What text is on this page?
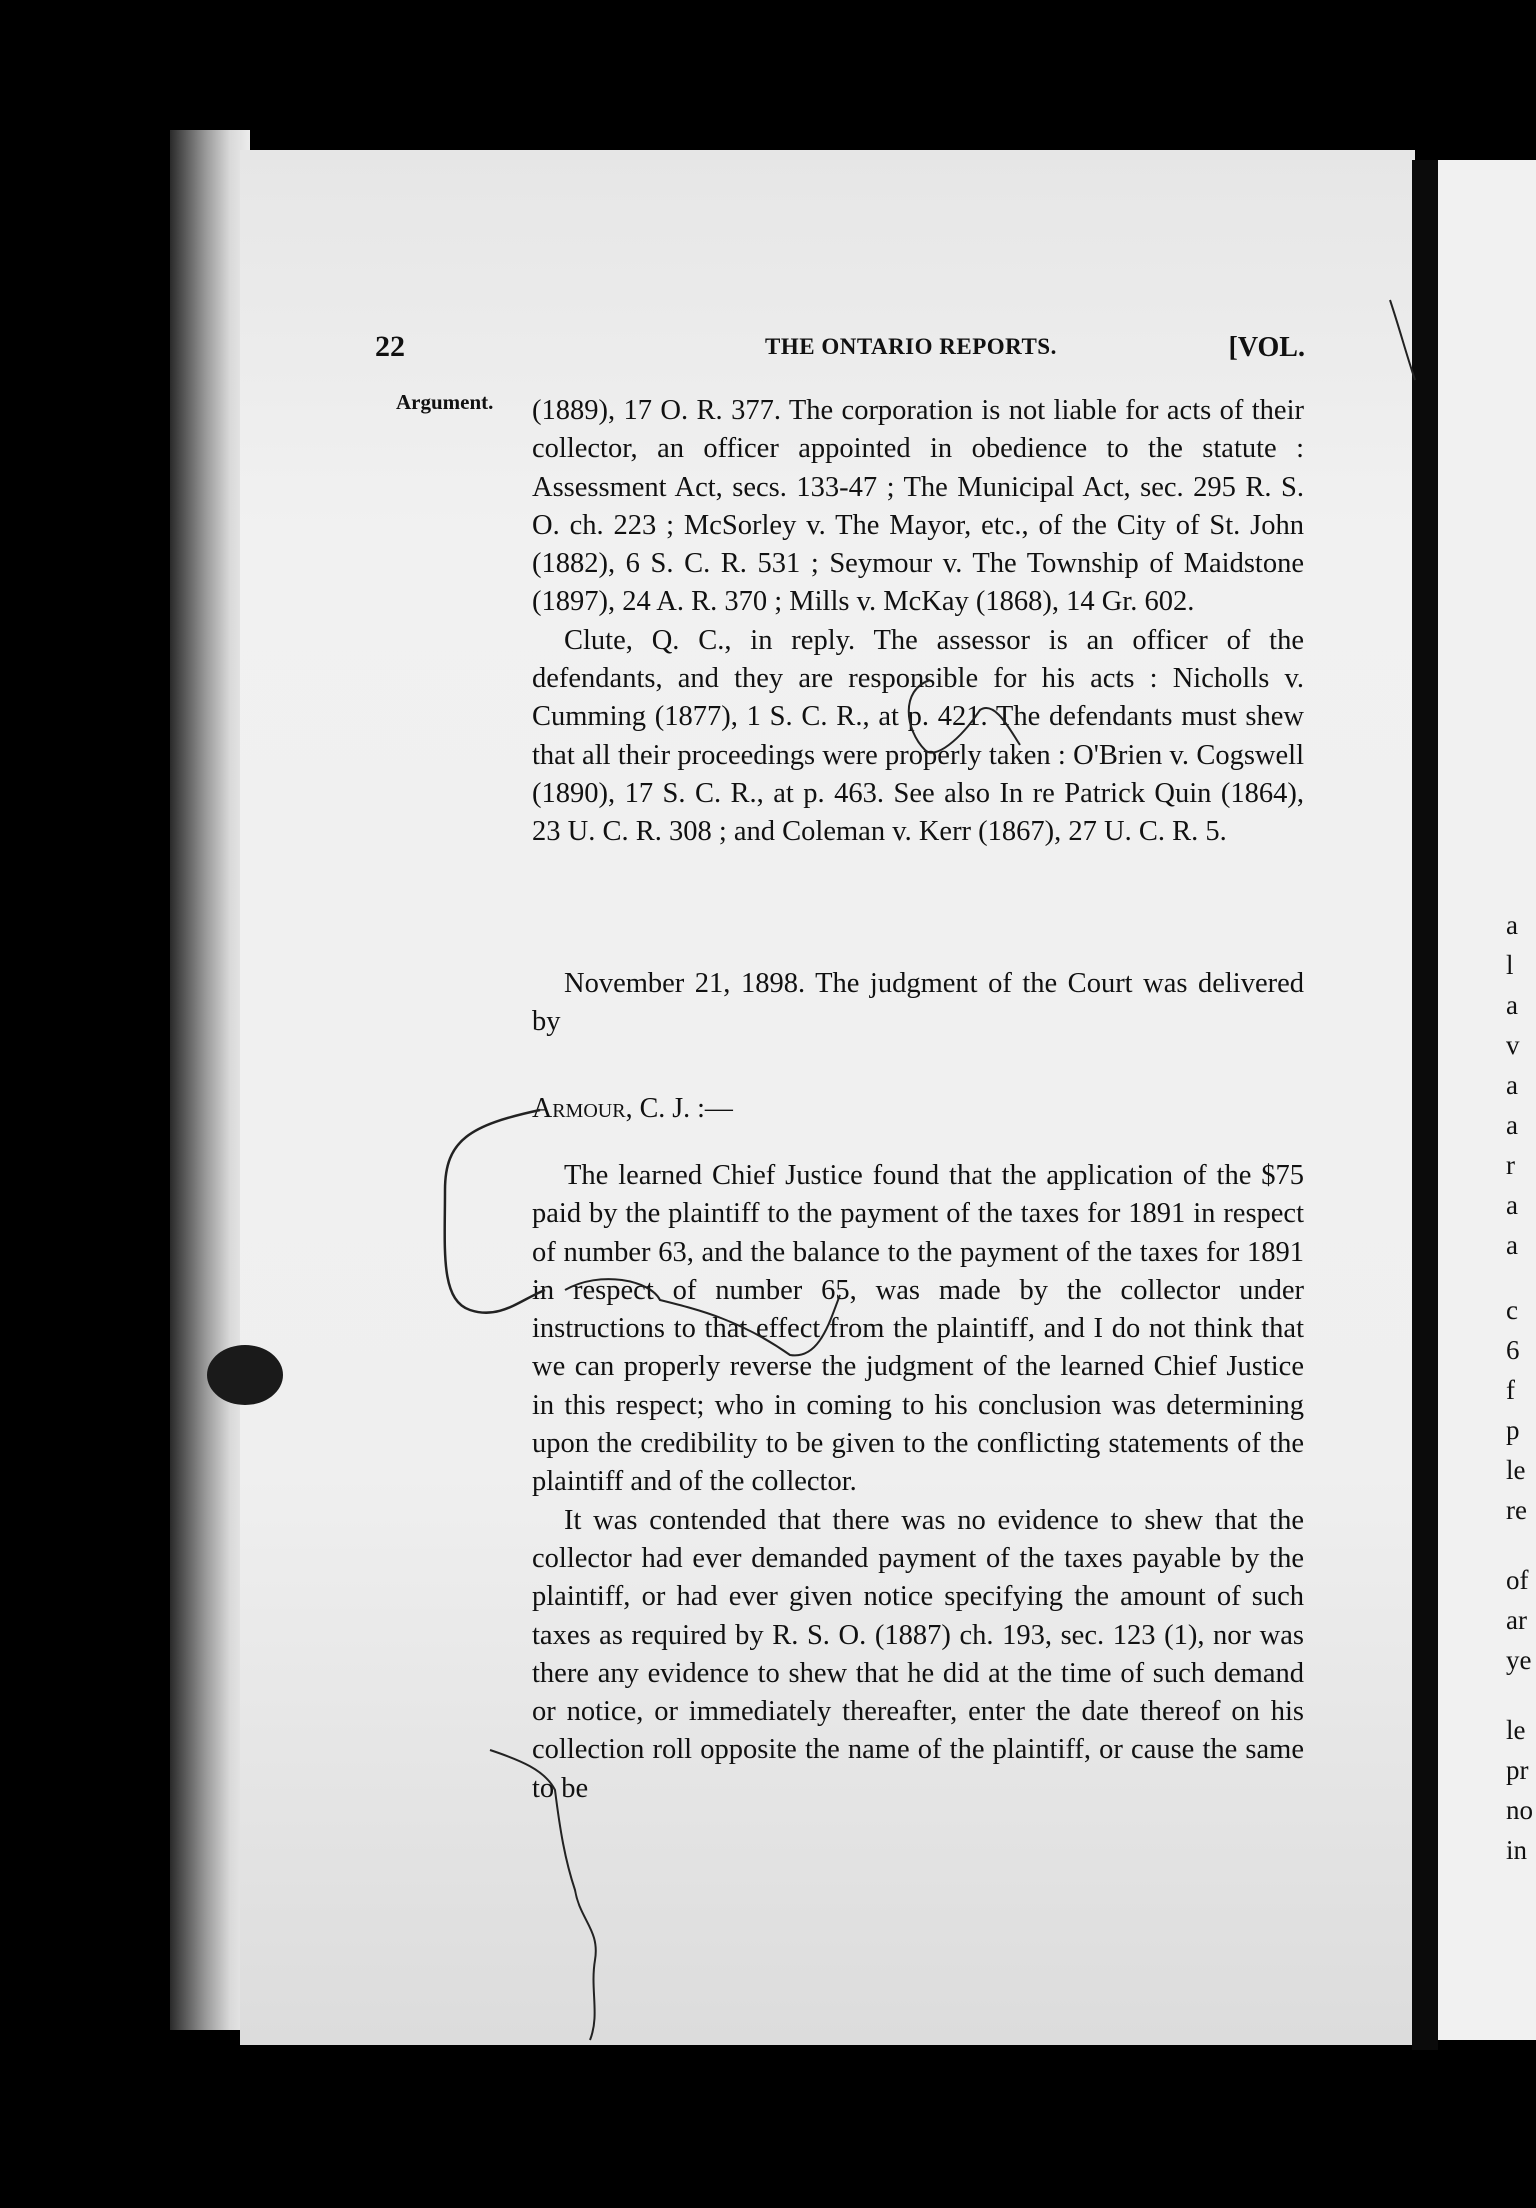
a
l
a
v
a
a
r
a
a
c
6
f
p
le
re
of
ar
ye
le
pr
no
in
22	THE ONTARIO REPORTS.	[VOL.
Argument. (1889), 17 O. R. 377. The corporation is not liable for acts of their collector, an officer appointed in obedience to the statute : Assessment Act, secs. 133-47 ; The Municipal Act, sec. 295 R. S. O. ch. 223 ; McSorley v. The Mayor, etc., of the City of St. John (1882), 6 S. C. R. 531 ; Seymour v. The Township of Maidstone (1897), 24 A. R. 370 ; Mills v. McKay (1868), 14 Gr. 602.

Clute, Q. C., in reply. The assessor is an officer of the defendants, and they are responsible for his acts : Nicholls v. Cumming (1877), 1 S. C. R., at p. 421. The defendants must shew that all their proceedings were properly taken : O'Brien v. Cogswell (1890), 17 S. C. R., at p. 463. See also In re Patrick Quin (1864), 23 U. C. R. 308 ; and Coleman v. Kerr (1867), 27 U. C. R. 5.

November 21, 1898. The judgment of the Court was delivered by

Armour, C. J. :—

The learned Chief Justice found that the application of the $75 paid by the plaintiff to the payment of the taxes for 1891 in respect of number 63, and the balance to the payment of the taxes for 1891 in respect of number 65, was made by the collector under instructions to that effect from the plaintiff, and I do not think that we can properly reverse the judgment of the learned Chief Justice in this respect; who in coming to his conclusion was determining upon the credibility to be given to the conflicting statements of the plaintiff and of the collector.

It was contended that there was no evidence to shew that the collector had ever demanded payment of the taxes payable by the plaintiff, or had ever given notice specifying the amount of such taxes as required by R. S. O. (1887) ch. 193, sec. 123 (1), nor was there any evidence to shew that he did at the time of such demand or notice, or immediately thereafter, enter the date thereof on his collection roll opposite the name of the plaintiff, or cause the same to be
